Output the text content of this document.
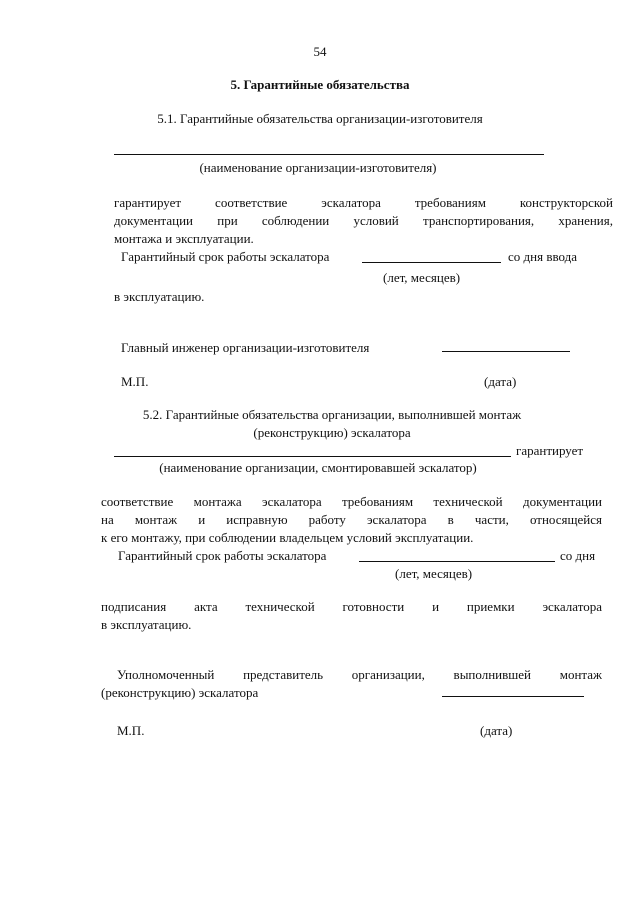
54
5. Гарантийные обязательства
5.1. Гарантийные обязательства организации-изготовителя
(наименование организации-изготовителя)
гарантирует соответствие эскалатора требованиям конструкторской
документации при соблюдении условий транспортирования, хранения,
монтажа и эксплуатации.
Гарантийный срок работы эскалатора	со дня ввода
(лет, месяцев)
в эксплуатацию.
Главный инженер организации-изготовителя
М.П.	(дата)
5.2. Гарантийные обязательства организации, выполнившей монтаж
(реконструкцию) эскалатора
гарантирует
(наименование организации, смонтировавшей эскалатор)
соответствие монтажа эскалатора требованиям технической документации
на монтаж и исправную работу эскалатора в части, относящейся
к его монтажу, при соблюдении владельцем условий эксплуатации.
Гарантийный срок работы эскалатора	со дня
(лет, месяцев)
подписания акта технической готовности и приемки эскалатора
в эксплуатацию.
Уполномоченный представитель организации, выполнившей монтаж
(реконструкцию) эскалатора
М.П.	(дата)
